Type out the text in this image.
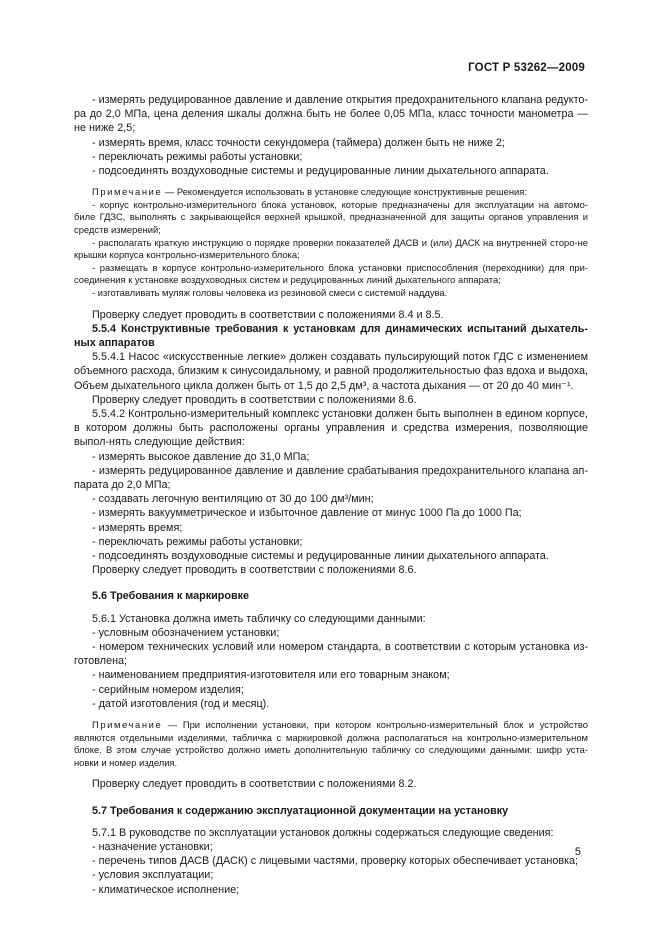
ГОСТ Р 53262—2009

- измерять редуцированное давление и давление открытия предохранительного клапана редукто-ра до 2,0 МПа, цена деления шкалы должна быть не более 0,05 МПа, класс точности манометра — не ниже 2,5;

- измерять время, класс точности секундомера (таймера) должен быть не ниже 2;

- переключать режимы работы установки;

- подсоединять воздуховодные системы и редуцированные линии дыхательного аппарата.

Примечание — Рекомендуется использовать в установке следующие конструктивные решения:

- корпус контрольно-измерительного блока установок, которые предназначены для эксплуатации на автомо-биле ГДЗС, выполнять с закрывающейся верхней крышкой, предназначенной для защиты органов управления и средств измерений;

- располагать краткую инструкцию о порядке проверки показателей ДАСВ и (или) ДАСК на внутренней сторо-не крышки корпуса контрольно-измерительного блока;

- размещать в корпусе контрольно-измерительного блока установки приспособления (переходники) для при-соединения к установке воздуховодных систем и редуцированных линий дыхательного аппарата;

- изготавливать муляж головы человека из резиновой смеси с системой наддува.

Проверку следует проводить в соответствии с положениями 8.4 и 8.5.

5.5.4 Конструктивные требования к установкам для динамических испытаний дыхатель-ных аппаратов

5.5.4.1 Насос «искусственные легкие» должен создавать пульсирующий поток ГДС с изменением объемного расхода, близким к синусоидальному, и равной продолжительностью фаз вдоха и выдоха, Объем дыхательного цикла должен быть от 1,5 до 2,5 дм³, а частота дыхания — от 20 до 40 мин⁻¹.

Проверку следует проводить в соответствии с положениями 8.6.

5.5.4.2 Контрольно-измерительный комплекс установки должен быть выполнен в едином корпусе, в котором должны быть расположены органы управления и средства измерения, позволяющие выпол-нять следующие действия:

- измерять высокое давление до 31,0 МПа;

- измерять редуцированное давление и давление срабатывания предохранительного клапана ап-парата до 2,0 МПа;

- создавать легочную вентиляцию от 30 до 100 дм³/мин;

- измерять вакуумметрическое и избыточное давление от минус 1000 Па до 1000 Па;

- измерять время;

- переключать режимы работы установки;

- подсоединять воздуховодные системы и редуцированные линии дыхательного аппарата.

Проверку следует проводить в соответствии с положениями 8.6.

5.6 Требования к маркировке

5.6.1 Установка должна иметь табличку со следующими данными:

- условным обозначением установки;

- номером технических условий или номером стандарта, в соответствии с которым установка из-готовлена;

- наименованием предприятия-изготовителя или его товарным знаком;

- серийным номером изделия;

- датой изготовления (год и месяц).

Примечание — При исполнении установки, при котором контрольно-измерительный блок и устройство являются отдельными изделиями, табличка с маркировкой должна располагаться на контрольно-измерительном блоке. В этом случае устройство должно иметь дополнительную табличку со следующими данными: шифр уста-новки и номер изделия.

Проверку следует проводить в соответствии с положениями 8.2.

5.7 Требования к содержанию эксплуатационной документации на установку

5.7.1 В руководстве по эксплуатации установок должны содержаться следующие сведения:

- назначение установки;

- перечень типов ДАСВ (ДАСК) с лицевыми частями, проверку которых обеспечивает установка;

- условия эксплуатации;

- климатическое исполнение;

5
